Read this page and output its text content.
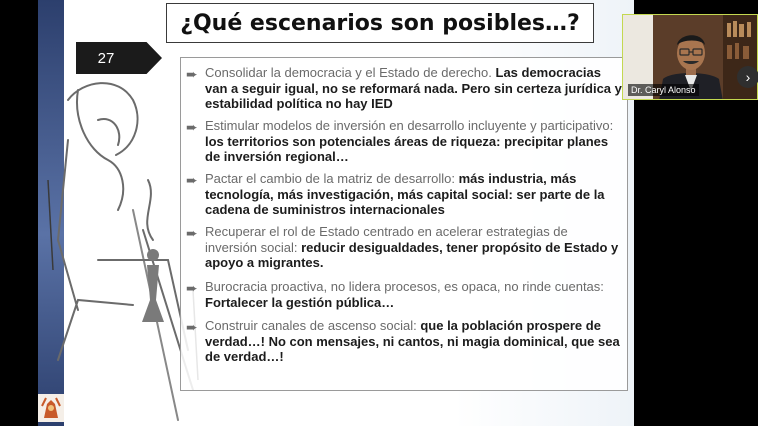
¿Qué escenarios son posibles…?
27
➨ Consolidar la democracia y el Estado de derecho. Las democracias van a seguir igual, no se reformará nada. Pero sin certeza jurídica y estabilidad política no hay IED
➨ Estimular modelos de inversión en desarrollo incluyente y participativo: los territorios son potenciales áreas de riqueza: precipitar planes de inversión regional…
➨ Pactar el cambio de la matriz de desarrollo: más industria, más tecnología, más investigación, más capital social: ser parte de la cadena de suministros internacionales
➨ Recuperar el rol de Estado centrado en acelerar estrategias de inversión social: reducir desigualdades, tener propósito de Estado y apoyo a migrantes.
➨ Burocracia proactiva, no lidera procesos, es opaca, no rinde cuentas: Fortalecer la gestión pública…
➨ Construir canales de ascenso social: que la población prospere de verdad…! No con mensajes, ni cantos, ni magia dominical, que sea de verdad…!
Dr. Caryl Alonso
›
